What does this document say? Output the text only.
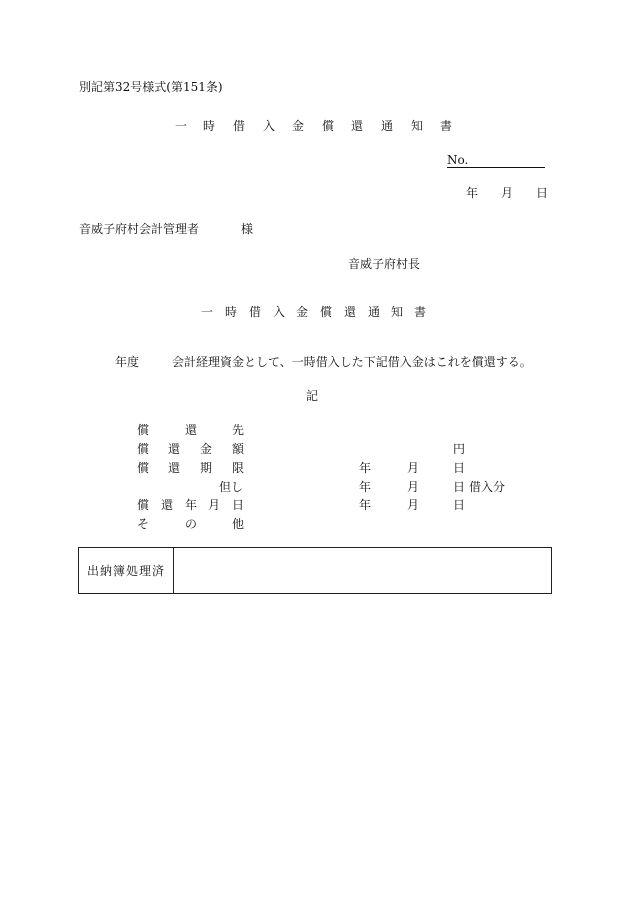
別記第32号様式(第151条)
一 時 借 入 金 償 還 通 知 書
No.
年 月 日
音威子府村会計管理者	様
音威子府村長
一 時 借 入 金 償 還 通 知 書
年度	会計経理資金として、一時借入した下記借入金はこれを償還する。
記
償	還	先
償 還 金 額	円
償 還 期 限	年	月	日
但し	年	月	日 借入分
償 還 年 月 日	年	月	日
そ	の	他
出納簿処理済	
